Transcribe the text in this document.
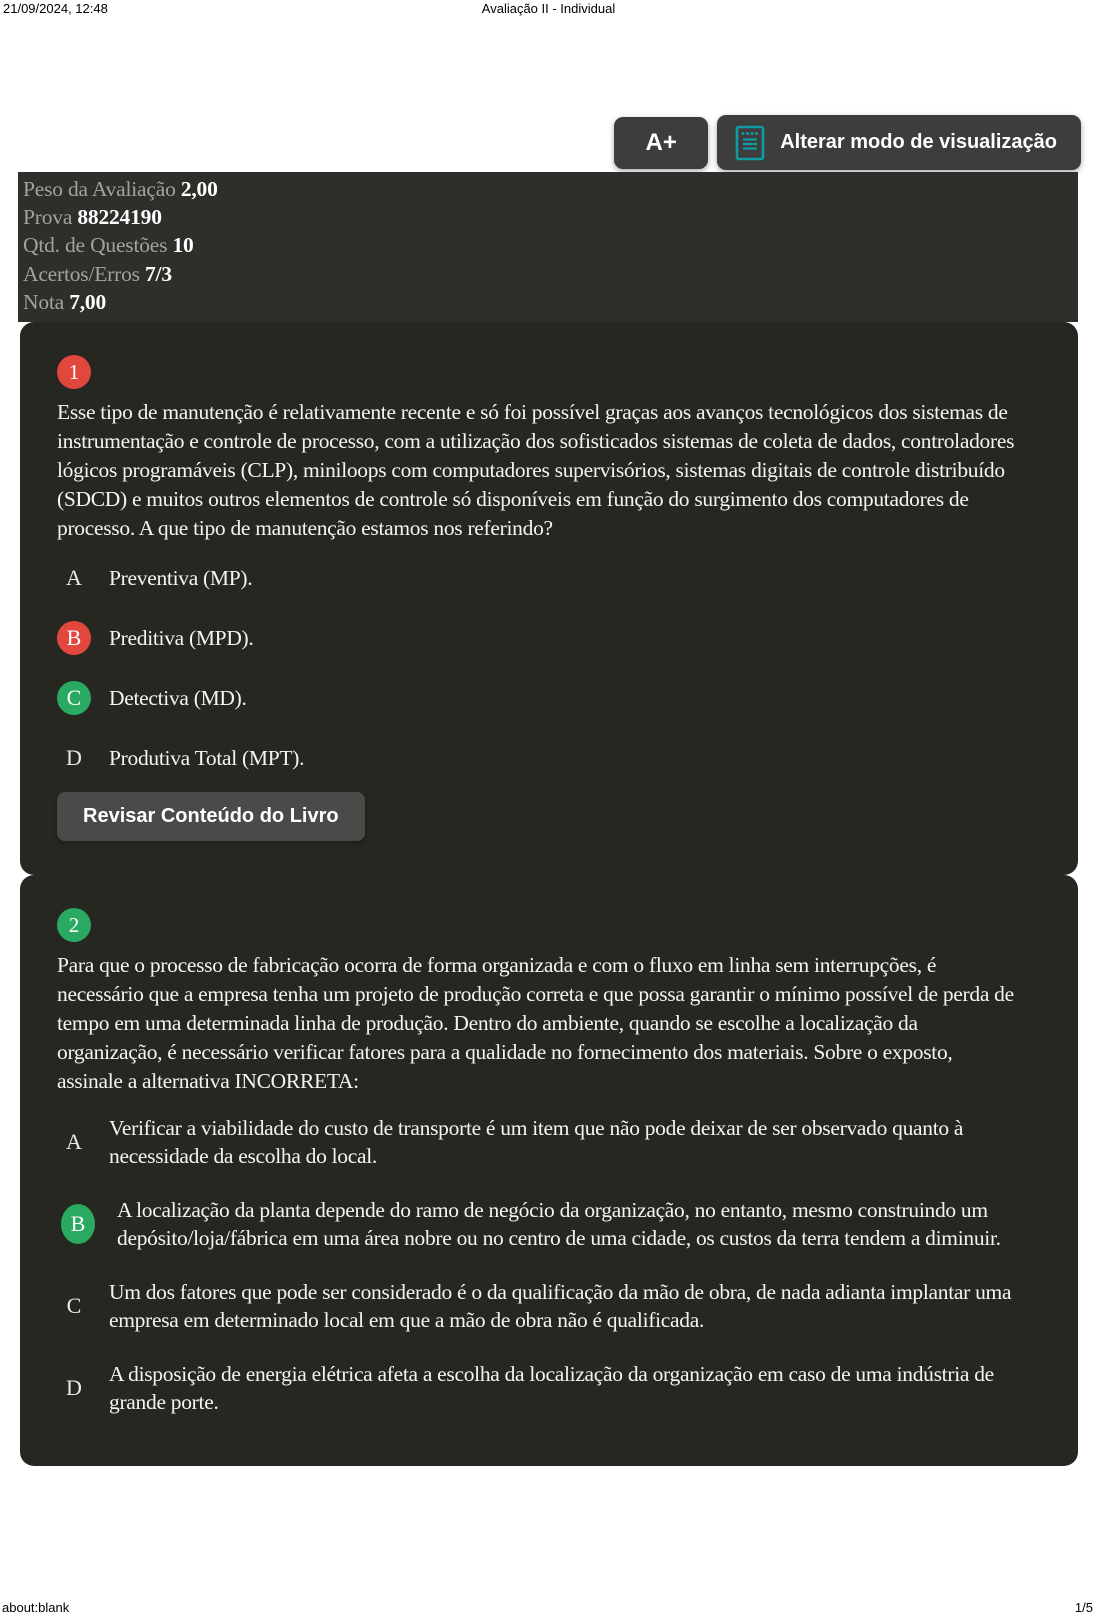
21/09/2024, 12:48	Avaliação II - Individual
A+	Alterar modo de visualização
Peso da Avaliação 2,00
Prova 88224190
Qtd. de Questões 10
Acertos/Erros 7/3
Nota 7,00
1

Esse tipo de manutenção é relativamente recente e só foi possível graças aos avanços tecnológicos dos sistemas de instrumentação e controle de processo, com a utilização dos sofisticados sistemas de coleta de dados, controladores lógicos programáveis (CLP), miniloops com computadores supervisórios, sistemas digitais de controle distribuído (SDCD) e muitos outros elementos de controle só disponíveis em função do surgimento dos computadores de processo. A que tipo de manutenção estamos nos referindo?

A	Preventiva (MP).
B	Preditiva (MPD).
C	Detectiva (MD).
D	Produtiva Total (MPT).
Revisar Conteúdo do Livro
2

Para que o processo de fabricação ocorra de forma organizada e com o fluxo em linha sem interrupções, é necessário que a empresa tenha um projeto de produção correta e que possa garantir o mínimo possível de perda de tempo em uma determinada linha de produção. Dentro do ambiente, quando se escolhe a localização da organização, é necessário verificar fatores para a qualidade no fornecimento dos materiais. Sobre o exposto, assinale a alternativa INCORRETA:

A
Verificar a viabilidade do custo de transporte é um item que não pode deixar de ser observado quanto à necessidade da escolha do local.
B
A localização da planta depende do ramo de negócio da organização, no entanto, mesmo construindo um depósito/loja/fábrica em uma área nobre ou no centro de uma cidade, os custos da terra tendem a diminuir.
C
Um dos fatores que pode ser considerado é o da qualificação da mão de obra, de nada adianta implantar uma empresa em determinado local em que a mão de obra não é qualificada.
D
A disposição de energia elétrica afeta a escolha da localização da organização em caso de uma indústria de grande porte.
about:blank	1/5
